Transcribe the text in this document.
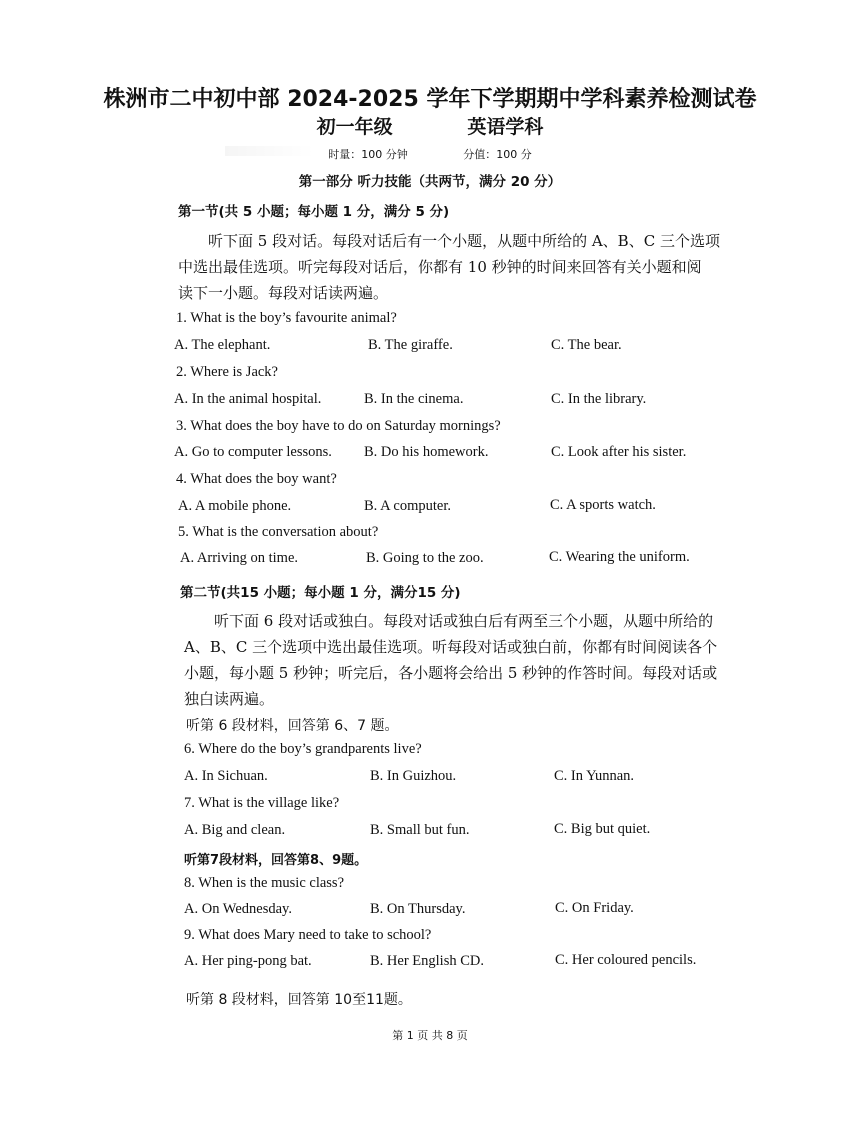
株洲市二中初中部 2024-2025 学年下学期期中学科素养检测试卷
初一年级	英语学科
时量：100 分钟	分值：100 分
第一部分 听力技能（共两节，满分 20 分）
第一节(共 5 小题；每小题 1 分，满分 5 分)
听下面 5 段对话。每段对话后有一个小题，从题中所给的 A、B、C 三个选项
中选出最佳选项。听完每段对话后，你都有 10 秒钟的时间来回答有关小题和阅
读下一小题。每段对话读两遍。
1. What is the boy’s favourite animal?
A. The elephant.	B. The giraffe.	C. The bear.
2. Where is Jack?
A. In the animal hospital.	B. In the cinema.	C. In the library.
3. What does the boy have to do on Saturday mornings?
A. Go to computer lessons. B. Do his homework.	C. Look after his sister.
4. What does the boy want?
A. A mobile phone.	B. A computer.	C. A sports watch.
5. What is the conversation about?
A. Arriving on time.	B. Going to the zoo.	C. Wearing the uniform.
第二节(共15 小题；每小题 1 分，满分15 分)
听下面 6 段对话或独白。每段对话或独白后有两至三个小题，从题中所给的
A、B、C 三个选项中选出最佳选项。听每段对话或独白前，你都有时间阅读各个
小题，每小题 5 秒钟；听完后，各小题将会给出 5 秒钟的作答时间。每段对话或
独白读两遍。
听第 6 段材料，回答第 6、7 题。
6. Where do the boy’s grandparents live?
A. In Sichuan.	B. In Guizhou.	C. In Yunnan.
7. What is the village like?
A. Big and clean.	B. Small but fun.	C. Big but quiet.
听第7段材料，回答第8、9题。
8. When is the music class?
A. On Wednesday.	B. On Thursday.	C. On Friday.
9. What does Mary need to take to school?
A. Her ping-pong bat.	B. Her English CD.	C. Her coloured pencils.
听第 8 段材料，回答第 10至11题。
第 1 页 共 8 页
